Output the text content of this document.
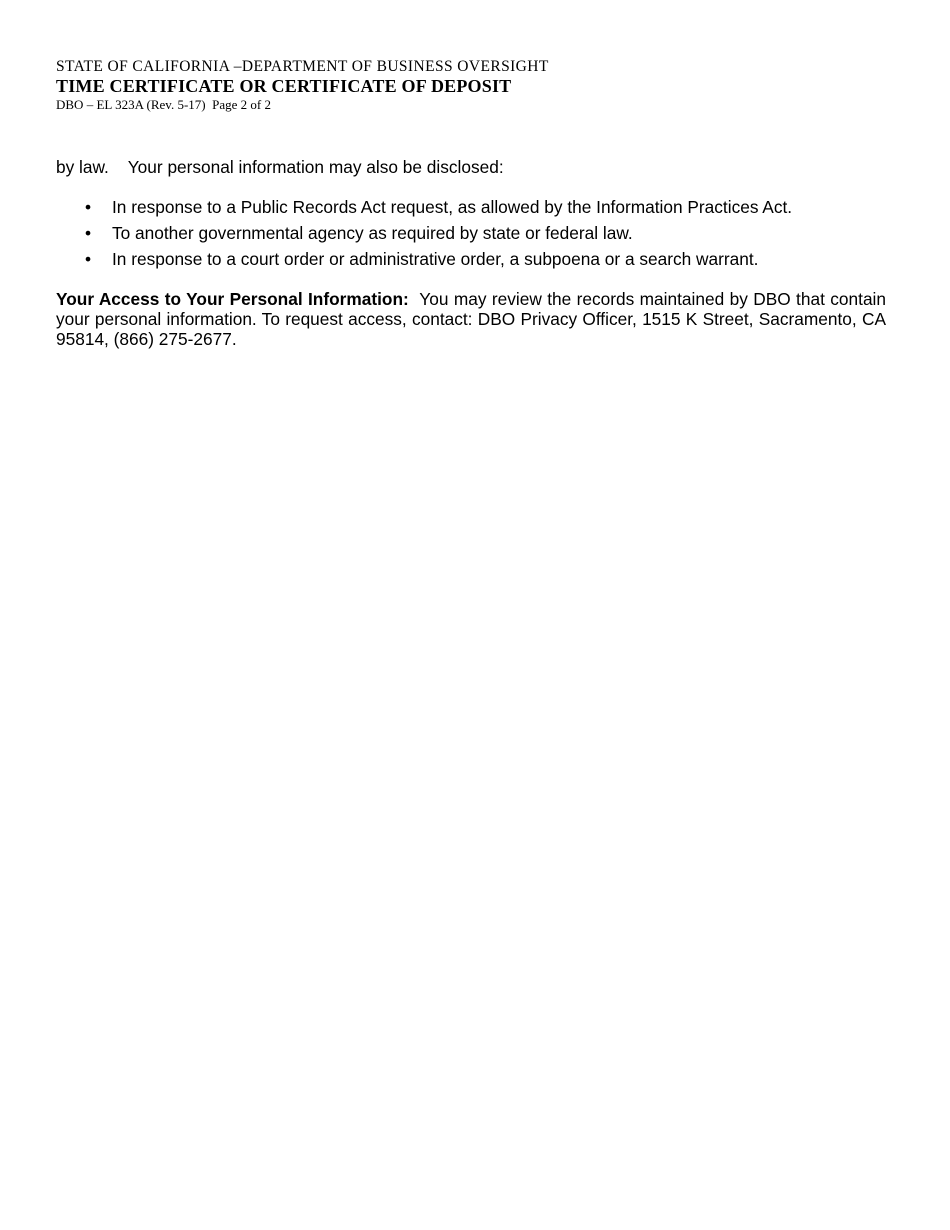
STATE OF CALIFORNIA –DEPARTMENT OF BUSINESS OVERSIGHT
TIME CERTIFICATE OR CERTIFICATE OF DEPOSIT
DBO – EL 323A (Rev. 5-17)  Page 2 of 2

by law.    Your personal information may also be disclosed:

• In response to a Public Records Act request, as allowed by the Information Practices Act.
• To another governmental agency as required by state or federal law.
• In response to a court order or administrative order, a subpoena or a search warrant.

Your Access to Your Personal Information: You may review the records maintained by DBO that contain your personal information. To request access, contact: DBO Privacy Officer, 1515 K Street, Sacramento, CA 95814, (866) 275-2677.
